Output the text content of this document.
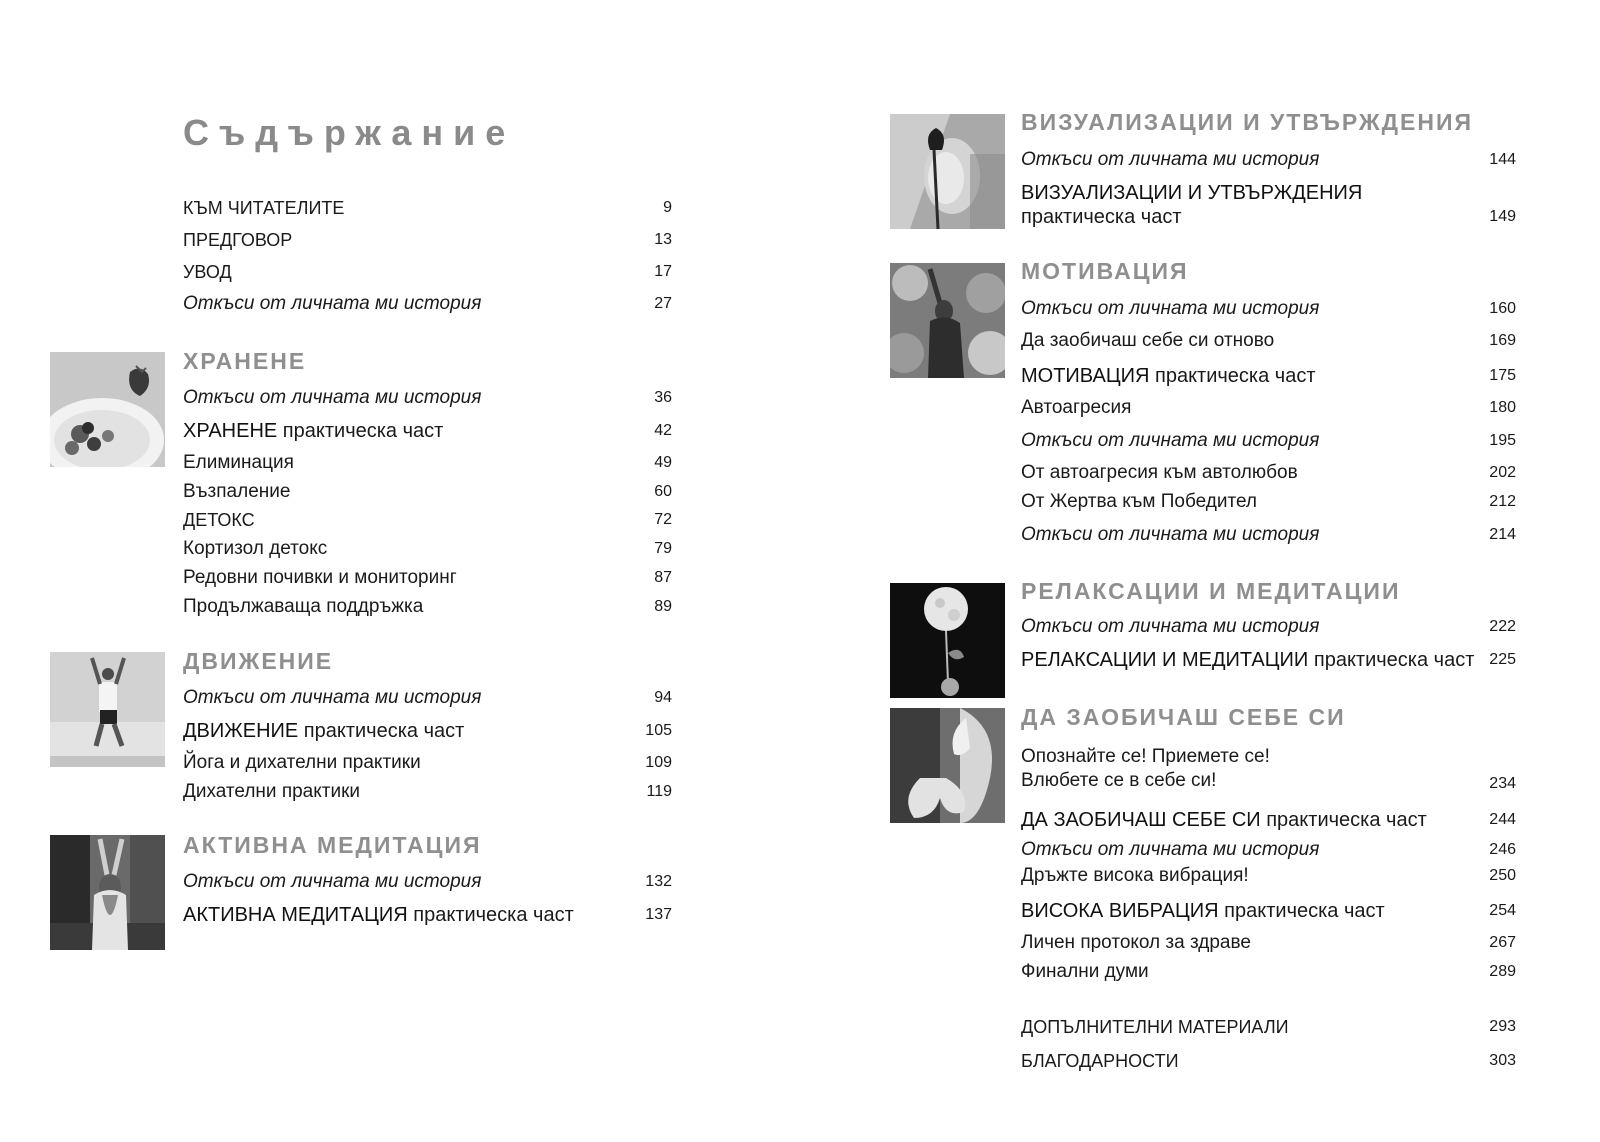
Съдържание
КЪМ ЧИТАТЕЛИТЕ	9
ПРЕДГОВОР	13
УВОД	17
Откъси от личната ми история	27
ХРАНЕНЕ
Откъси от личната ми история	36
ХРАНЕНЕ практическа част	42
Елиминация	49
Възпаление	60
ДЕТОКС	72
Кортизол детокс	79
Редовни почивки и мониторинг	87
Продължаваща поддръжка	89
ДВИЖЕНИЕ
Откъси от личната ми история	94
ДВИЖЕНИЕ практическа част	105
Йога и дихателни практики	109
Дихателни практики	119
АКТИВНА МЕДИТАЦИЯ
Откъси от личната ми история	132
АКТИВНА МЕДИТАЦИЯ практическа част	137
ВИЗУАЛИЗАЦИИ И УТВЪРЖДЕНИЯ
Откъси от личната ми история	144
ВИЗУАЛИЗАЦИИ И УТВЪРЖДЕНИЯ
практическа част	149
МОТИВАЦИЯ
Откъси от личната ми история	160
Да заобичаш себе си отново	169
МОТИВАЦИЯ практическа част	175
Автоагресия	180
Откъси от личната ми история	195
От автоагресия към автолюбов	202
От Жертва към Победител	212
Откъси от личната ми история	214
РЕЛАКСАЦИИ И МЕДИТАЦИИ
Откъси от личната ми история	222
РЕЛАКСАЦИИ И МЕДИТАЦИИ практическа част 225
ДА ЗАОБИЧАШ СЕБЕ СИ
Опознайте се! Приемете се!
Влюбете се в себе си!	234
ДА ЗАОБИЧАШ СЕБЕ СИ практическа част	244
Откъси от личната ми история	246
Дръжте висока вибрация!	250
ВИСОКА ВИБРАЦИЯ практическа част	254
Личен протокол за здраве	267
Финални думи	289
ДОПЪЛНИТЕЛНИ МАТЕРИАЛИ	293
БЛАГОДАРНОСТИ	303
